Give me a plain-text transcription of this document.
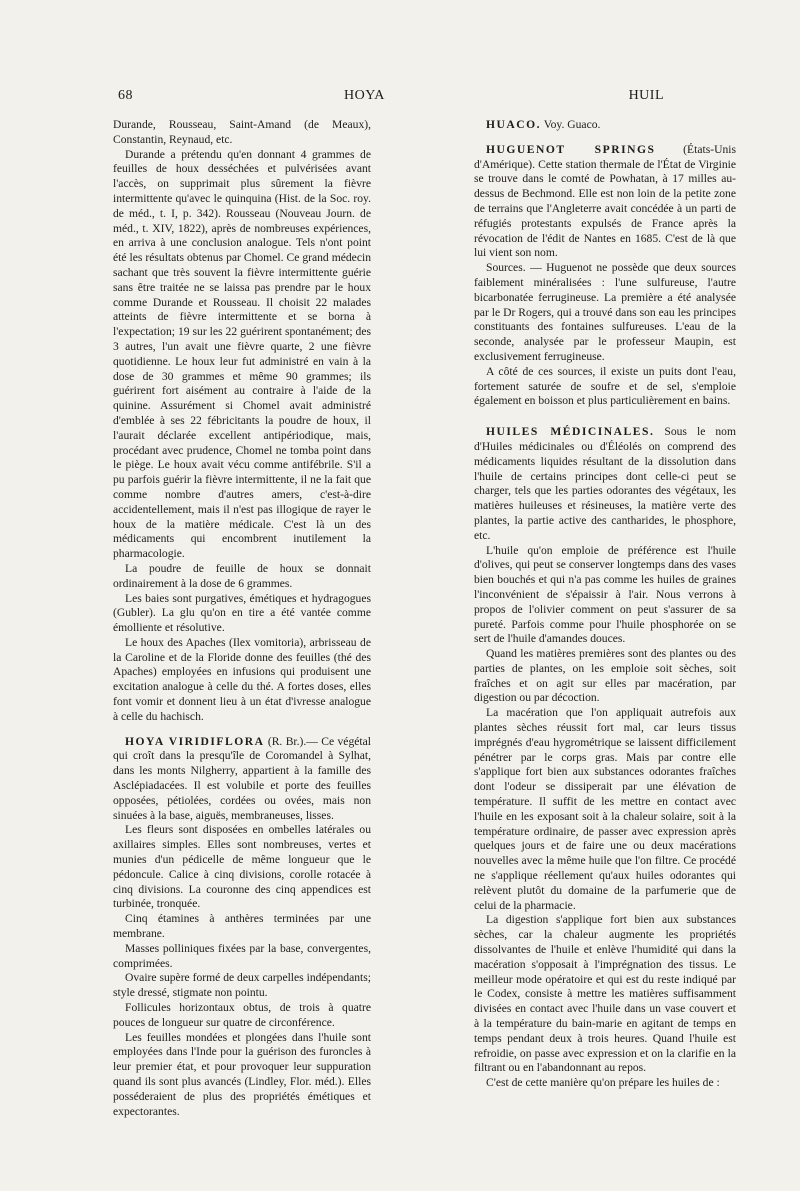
68	HOYA	HUIL

Durande, Rousseau, Saint-Amand (de Meaux), Constantin, Reynaud, etc.

Durande a prétendu qu'en donnant 4 grammes de feuilles de houx desséchées et pulvérisées avant l'accès, on supprimait plus sûrement la fièvre intermittente qu'avec le quinquina (Hist. de la Soc. roy. de méd., t. I, p. 342). Rousseau (Nouveau Journ. de méd., t. XIV, 1822), après de nombreuses expériences, en arriva à une conclusion analogue. Tels n'ont point été les résultats obtenus par Chomel. Ce grand médecin sachant que très souvent la fièvre intermittente guérie sans être traitée ne se laissa pas prendre par le houx comme Durande et Rousseau. Il choisit 22 malades atteints de fièvre intermittente et se borna à l'expectation; 19 sur les 22 guérirent spontanément; des 3 autres, l'un avait une fièvre quarte, 2 une fièvre quotidienne. Le houx leur fut administré en vain à la dose de 30 grammes et même 90 grammes; ils guérirent fort aisément au contraire à l'aide de la quinine. Assurément si Chomel avait administré d'emblée à ses 22 fébricitants la poudre de houx, il l'aurait déclarée excellent antipériodique, mais, procédant avec prudence, Chomel ne tomba point dans le piège. Le houx avait vécu comme antifébrile. S'il a pu parfois guérir la fièvre intermittente, il ne la fait que comme nombre d'autres amers, c'est-à-dire accidentellement, mais il n'est pas illogique de rayer le houx de la matière médicale. C'est là un des médicaments qui encombrent inutilement la pharmacologie.

La poudre de feuille de houx se donnait ordinairement à la dose de 6 grammes.

Les baies sont purgatives, émétiques et hydragogues (Gubler). La glu qu'on en tire a été vantée comme émolliente et résolutive.

Le houx des Apaches (Ilex vomitoria), arbrisseau de la Caroline et de la Floride donne des feuilles (thé des Apaches) employées en infusions qui produisent une excitation analogue à celle du thé. A fortes doses, elles font vomir et donnent lieu à un état d'ivresse analogue à celle du hachisch.

HOYA VIRIDIFLORA (R. Br.).— Ce végétal qui croît dans la presqu'île de Coromandel à Sylhat, dans les monts Nilgherry, appartient à la famille des Asclépiadacées. Il est volubile et porte des feuilles opposées, pétiolées, cordées ou ovées, mais non sinuées à la base, aiguës, membraneuses, lisses.

Les fleurs sont disposées en ombelles latérales ou axillaires simples. Elles sont nombreuses, vertes et munies d'un pédicelle de même longueur que le pédoncule. Calice à cinq divisions, corolle rotacée à cinq divisions. La couronne des cinq appendices est turbinée, tronquée.

Cinq étamines à anthères terminées par une membrane.

Masses polliniques fixées par la base, convergentes, comprimées.

Ovaire supère formé de deux carpelles indépendants; style dressé, stigmate non pointu.

Follicules horizontaux obtus, de trois à quatre pouces de longueur sur quatre de circonférence.

Les feuilles mondées et plongées dans l'huile sont employées dans l'Inde pour la guérison des furoncles à leur premier état, et pour provoquer leur suppuration quand ils sont plus avancés (Lindley, Flor. méd.). Elles posséderaient de plus des propriétés émétiques et expectorantes.

HUACO. Voy. Guaco.

HUGUENOT SPRINGS (États-Unis d'Amérique). Cette station thermale de l'État de Virginie se trouve dans le comté de Powhatan, à 17 milles au-dessus de Bechmond. Elle est non loin de la petite zone de terrains que l'Angleterre avait concédée à un parti de réfugiés protestants expulsés de France après la révocation de l'édit de Nantes en 1685. C'est de là que lui vient son nom.

Sources. — Huguenot ne possède que deux sources faiblement minéralisées : l'une sulfureuse, l'autre bicarbonatée ferrugineuse. La première a été analysée par le Dr Rogers, qui a trouvé dans son eau les principes constituants des fontaines sulfureuses. L'eau de la seconde, analysée par le professeur Maupin, est exclusivement ferrugineuse.

A côté de ces sources, il existe un puits dont l'eau, fortement saturée de soufre et de sel, s'emploie également en boisson et plus particulièrement en bains.

HUILES MÉDICINALES. Sous le nom d'Huiles médicinales ou d'Éléolés on comprend des médicaments liquides résultant de la dissolution dans l'huile de certains principes dont celle-ci peut se charger, tels que les parties odorantes des végétaux, les matières huileuses et résineuses, la matière verte des plantes, la partie active des cantharides, le phosphore, etc.

L'huile qu'on emploie de préférence est l'huile d'olives, qui peut se conserver longtemps dans des vases bien bouchés et qui n'a pas comme les huiles de graines l'inconvénient de s'épaissir à l'air. Nous verrons à propos de l'olivier comment on peut s'assurer de sa pureté. Parfois comme pour l'huile phosphorée on se sert de l'huile d'amandes douces.

Quand les matières premières sont des plantes ou des parties de plantes, on les emploie soit sèches, soit fraîches et on agit sur elles par macération, par digestion ou par décoction.

La macération que l'on appliquait autrefois aux plantes sèches réussit fort mal, car leurs tissus imprégnés d'eau hygrométrique se laissent difficilement pénétrer par le corps gras. Mais par contre elle s'applique fort bien aux substances odorantes fraîches dont l'odeur se dissiperait par une élévation de température. Il suffit de les mettre en contact avec l'huile en les exposant soit à la chaleur solaire, soit à la température ordinaire, de passer avec expression après quelques jours et de faire une ou deux macérations nouvelles avec la même huile que l'on filtre. Ce procédé ne s'applique réellement qu'aux huiles odorantes qui relèvent plutôt du domaine de la parfumerie que de celui de la pharmacie.

La digestion s'applique fort bien aux substances sèches, car la chaleur augmente les propriétés dissolvantes de l'huile et enlève l'humidité qui dans la macération s'opposait à l'imprégnation des tissus. Le meilleur mode opératoire et qui est du reste indiqué par le Codex, consiste à mettre les matières suffisamment divisées en contact avec l'huile dans un vase couvert et à la température du bain-marie en agitant de temps en temps pendant deux à trois heures. Quand l'huile est refroidie, on passe avec expression et on la clarifie en la filtrant ou en l'abandonnant au repos.

C'est de cette manière qu'on prépare les huiles de :
